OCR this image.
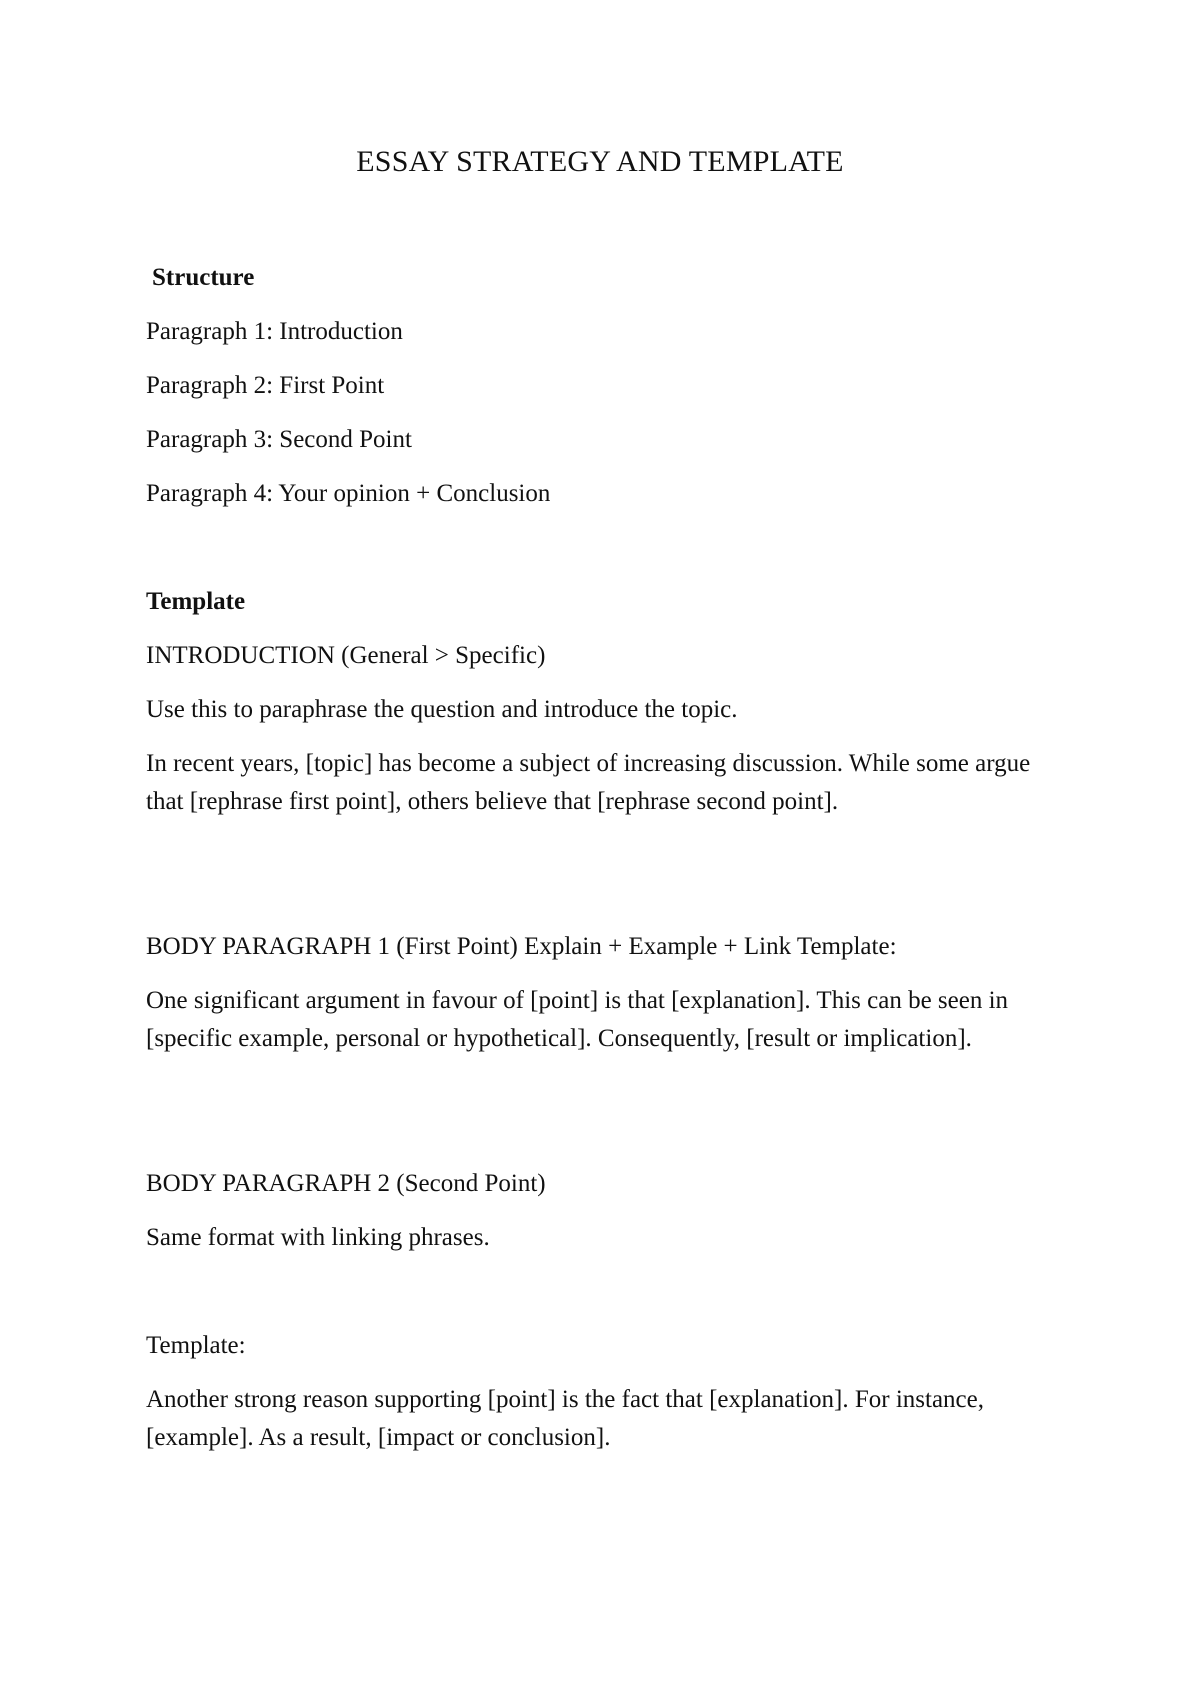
ESSAY STRATEGY AND TEMPLATE
Structure
Paragraph 1: Introduction
Paragraph 2: First Point
Paragraph 3: Second Point
Paragraph 4: Your opinion + Conclusion
Template
INTRODUCTION (General > Specific)
Use this to paraphrase the question and introduce the topic.
In recent years, [topic] has become a subject of increasing discussion. While some argue that [rephrase first point], others believe that [rephrase second point].
BODY PARAGRAPH 1 (First Point) Explain + Example + Link Template:
One significant argument in favour of [point] is that [explanation]. This can be seen in [specific example, personal or hypothetical]. Consequently, [result or implication].
BODY PARAGRAPH 2 (Second Point)
Same format with linking phrases.
Template:
Another strong reason supporting [point] is the fact that [explanation]. For instance, [example]. As a result, [impact or conclusion].
